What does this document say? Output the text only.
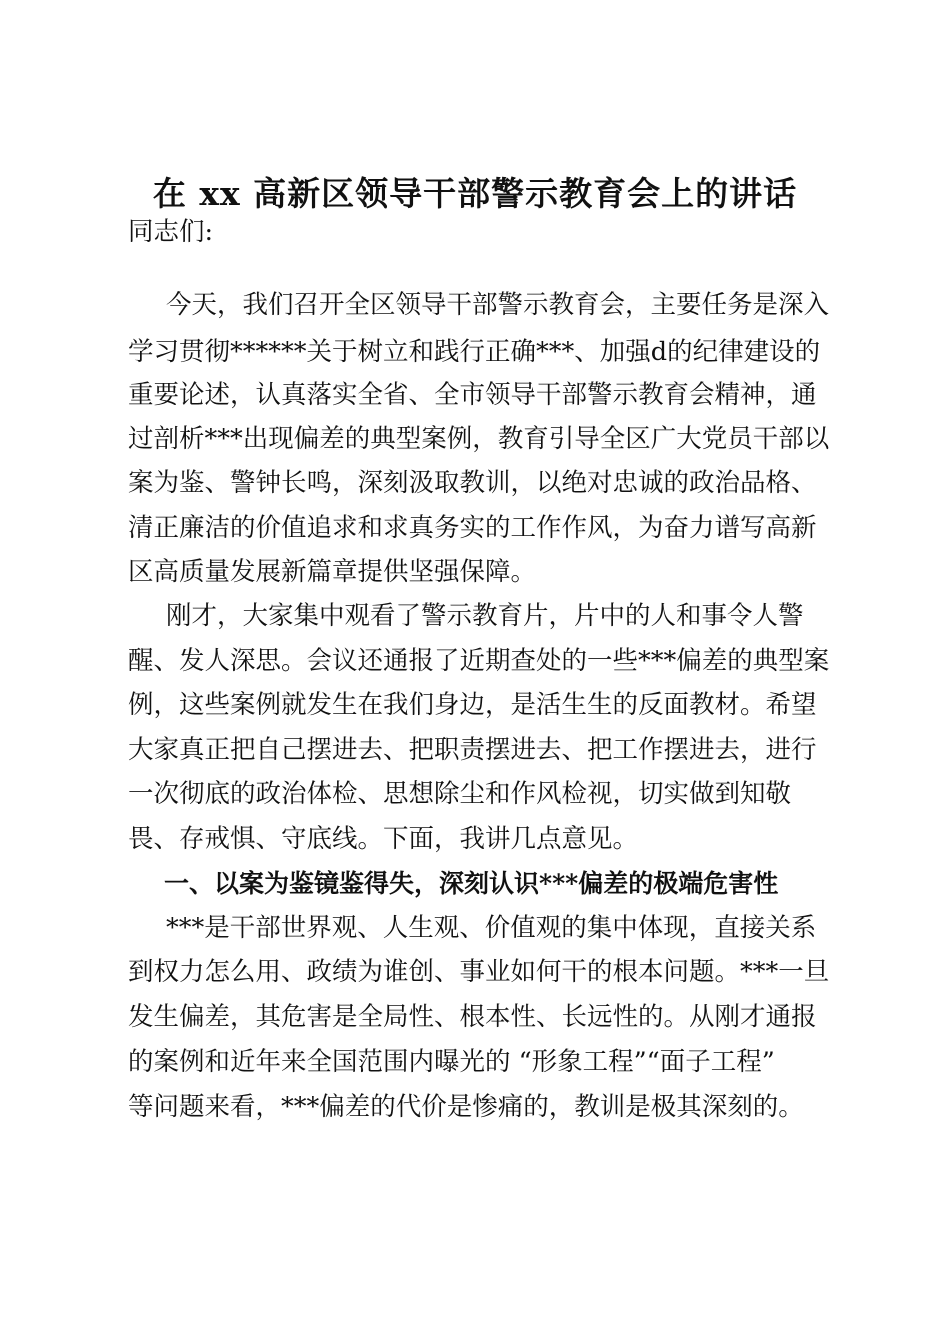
在 xx 高新区领导干部警示教育会上的讲话
同志们:
今天，我们召开全区领导干部警示教育会，主要任务是深入
学习贯彻******关于树立和践行正确***、加强d的纪律建设的
重要论述，认真落实全省、全市领导干部警示教育会精神，通
过剖析***出现偏差的典型案例，教育引导全区广大党员干部以
案为鉴、警钟长鸣，深刻汲取教训，以绝对忠诚的政治品格、
清正廉洁的价值追求和求真务实的工作作风，为奋力谱写高新
区高质量发展新篇章提供坚强保障。
刚才，大家集中观看了警示教育片，片中的人和事令人警
醒、发人深思。会议还通报了近期查处的一些***偏差的典型案
例，这些案例就发生在我们身边，是活生生的反面教材。希望
大家真正把自己摆进去、把职责摆进去、把工作摆进去，进行
一次彻底的政治体检、思想除尘和作风检视，切实做到知敬
畏、存戒惧、守底线。下面，我讲几点意见。
一、以案为鉴镜鉴得失，深刻认识***偏差的极端危害性
***是干部世界观、人生观、价值观的集中体现，直接关系
到权力怎么用、政绩为谁创、事业如何干的根本问题。***一旦
发生偏差，其危害是全局性、根本性、长远性的。从刚才通报
的案例和近年来全国范围内曝光的 “形象工程”“面子工程”
等问题来看，***偏差的代价是惨痛的，教训是极其深刻的。
